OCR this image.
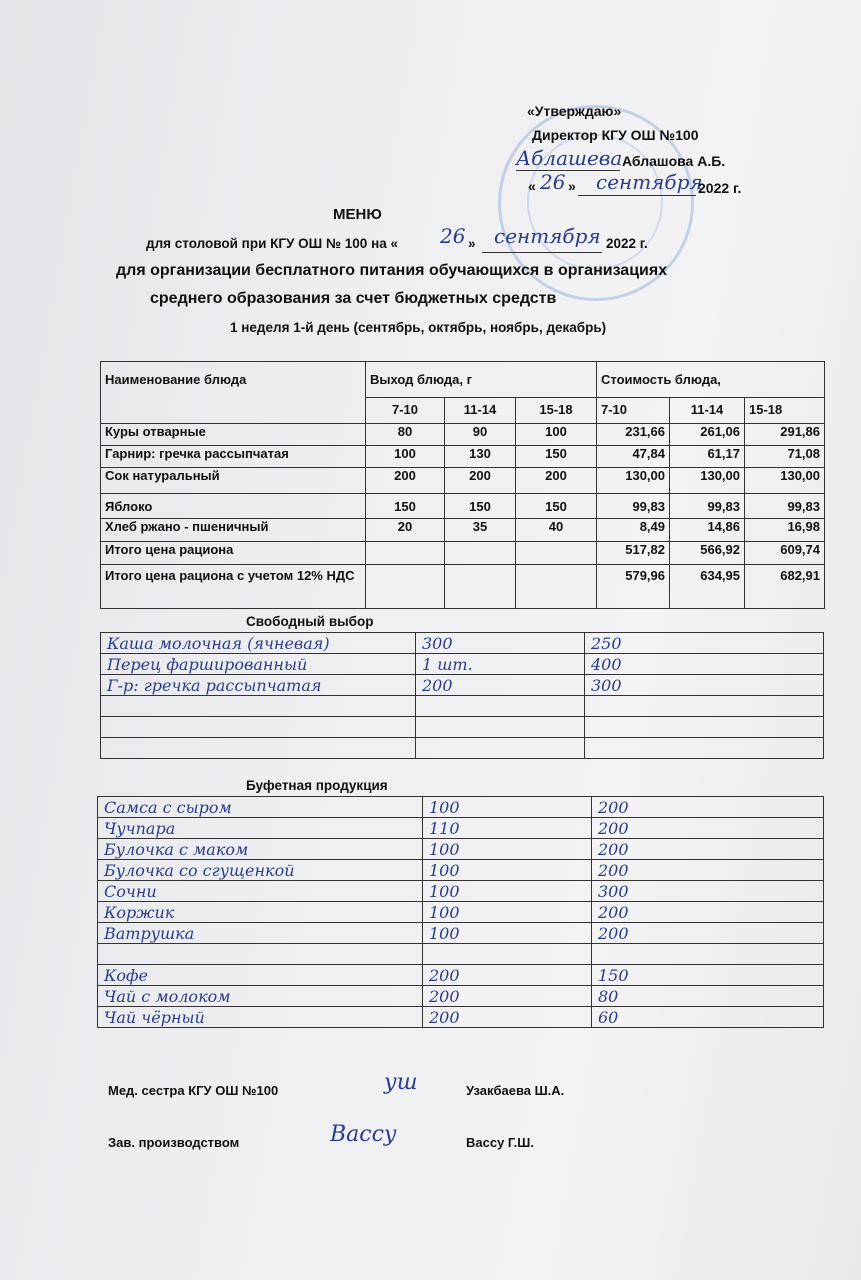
«Утверждаю»
Директор КГУ ОШ №100
Аблашева Аблашова А.Б.
« 26 » сентября
2022 г.
МЕНЮ
для столовой при КГУ ОШ № 100 на « 26 » сентября 2022 г.
для организации бесплатного питания обучающихся в организациях
среднего образования за счет бюджетных средств
1 неделя 1-й день (сентябрь, октябрь, ноябрь, декабрь)
Наименование блюда	Выход блюда, г			Стоимость блюда,		
	7-10	11-14	15-18	7-10	11-14	15-18
Куры отварные	80	90	100	231,66	261,06	291,86
Гарнир: гречка рассыпчатая	100	130	150	47,84	61,17	71,08
Сок натуральный	200	200	200	130,00	130,00	130,00
Яблоко	150	150	150	99,83	99,83	99,83
Хлеб ржано - пшеничный	20	35	40	8,49	14,86	16,98
Итого цена рациона				517,82	566,92	609,74
Итого цена рациона с учетом 12% НДС				579,96	634,95	682,91
Свободный выбор
Каша молочная (ячневая)	300	250
Перец фаршированный	1 шт.	400
Г-р: гречка рассыпчатая	200	300

Буфетная продукция
Самса с сыром	100	200
Чучпара	110	200
Булочка с маком	100	200
Булочка со сгущенкой	100	200
Сочни	100	300
Коржик	100	200
Ватрушка	100	200

Кофе	200	150
Чай с молоком	200	80
Чай чёрный	200	60
Мед. сестра КГУ ОШ №100	уш	Узакбаева Ш.А.
Зав. производством	Вассу	Вассу Г.Ш.
